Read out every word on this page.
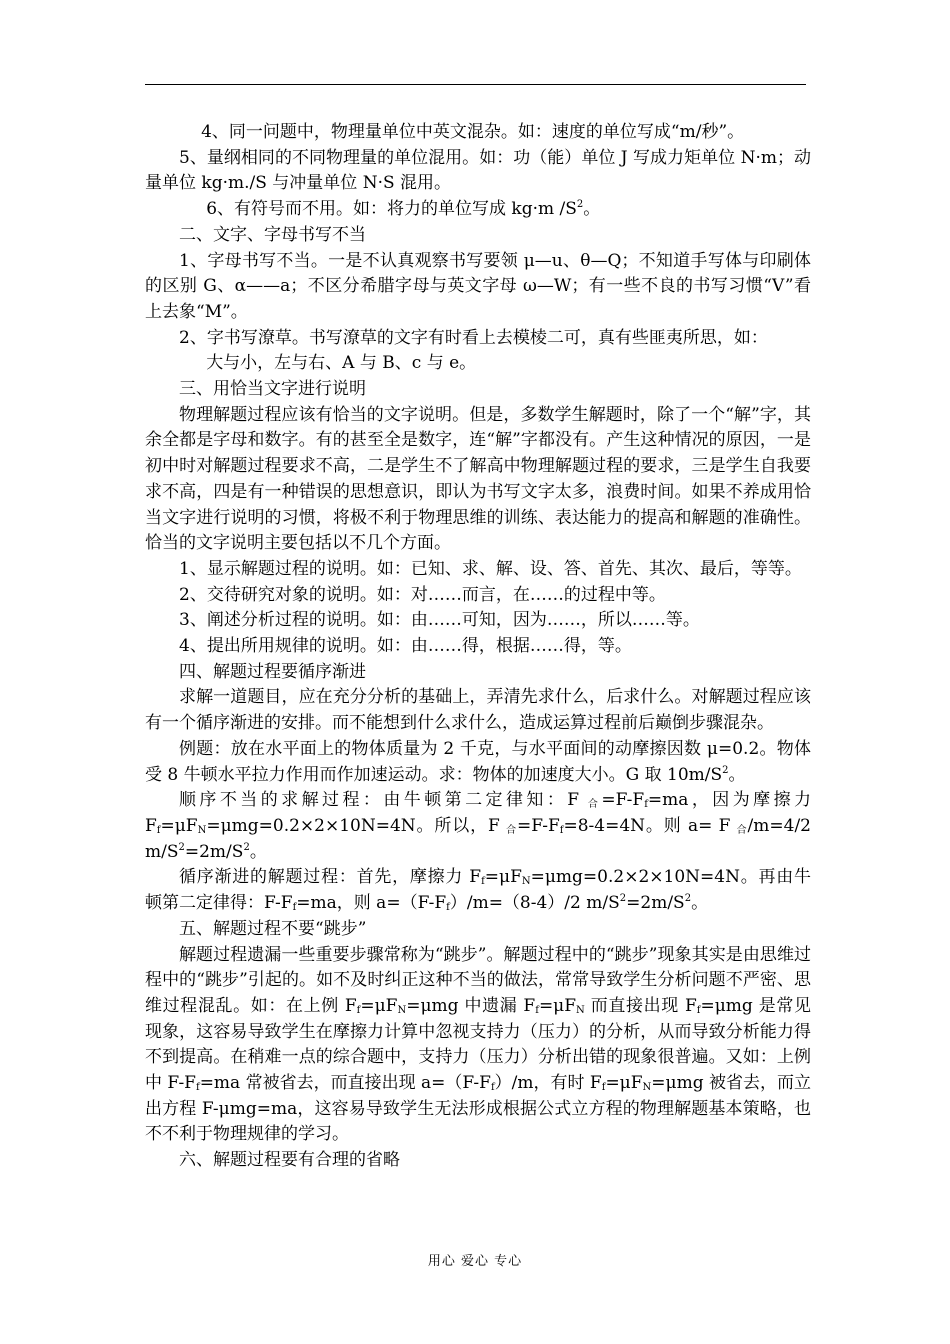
4、同一问题中，物理量单位中英文混杂。如：速度的单位写成“m/秒”。

5、量纲相同的不同物理量的单位混用。如：功（能）单位 J 写成力矩单位 N·m；动量单位 kg·m./S 与冲量单位 N·S 混用。

6、有符号而不用。如：将力的单位写成 kg·m $/S^2$。

二、文字、字母书写不当

1、字母书写不当。一是不认真观察书写要领 μ—u、θ—Q；不知道手写体与印刷体的区别 G、α——a；不区分希腊字母与英文字母 ω—W；有一些不良的书写习惯“V”看上去象“M”。

2、字书写潦草。书写潦草的文字有时看上去模棱二可，真有些匪夷所思，如：

大与小，左与右、A 与 B、c 与 e。

三、用恰当文字进行说明

物理解题过程应该有恰当的文字说明。但是，多数学生解题时，除了一个“解”字，其余全都是字母和数字。有的甚至全是数字，连“解”字都没有。产生这种情况的原因，一是初中时对解题过程要求不高，二是学生不了解高中物理解题过程的要求，三是学生自我要求不高，四是有一种错误的思想意识，即认为书写文字太多，浪费时间。如果不养成用恰当文字进行说明的习惯，将极不利于物理思维的训练、表达能力的提高和解题的准确性。恰当的文字说明主要包括以不几个方面。

1、显示解题过程的说明。如：已知、求、解、设、答、首先、其次、最后，等等。

2、交待研究对象的说明。如：对……而言，在……的过程中等。

3、阐述分析过程的说明。如：由……可知，因为……，所以……等。

4、提出所用规律的说明。如：由……得，根据……得，等。

四、解题过程要循序渐进

求解一道题目，应在充分分析的基础上，弄清先求什么，后求什么。对解题过程应该有一个循序渐进的安排。而不能想到什么求什么，造成运算过程前后巅倒步骤混杂。

例题：放在水平面上的物体质量为 2 千克，与水平面间的动摩擦因数 μ=0.2。物体受 8 牛顿水平拉力作用而作加速运动。求：物体的加速度大小。G 取 $10m/S^2$。

顺序不当的求解过程：由牛顿第二定律知：F $_合=F-F_f=ma$，因为摩擦力 $F_f=\mu F_N=\mu mg=0.2\times 2\times 10N=4N$。所以，F $_合=F-F_f=8-4=4N$。则 a= F $_合$/m=4/2 $m/S^2=2m/S^2$。

循序渐进的解题过程：首先，摩擦力 $F_f=\mu F_N=\mu mg=0.2\times 2\times 10N=4N$。再由牛顿第二定律得：$F-F_f=ma$，则 $a=(F-F_f)/m=(8-4)/2$ $m/S^2=2m/S^2$。

五、解题过程不要“跳步”

解题过程遗漏一些重要步骤常称为“跳步”。解题过程中的“跳步”现象其实是由思维过程中的“跳步”引起的。如不及时纠正这种不当的做法，常常导致学生分析问题不严密、思维过程混乱。如：在上例 $F_f=\mu F_N=\mu mg$ 中遗漏 $F_f=\mu F_N$ 而直接出现 $F_f=\mu mg$ 是常见现象，这容易导致学生在摩擦力计算中忽视支持力（压力）的分析，从而导致分析能力得不到提高。在稍难一点的综合题中，支持力（压力）分析出错的现象很普遍。又如：上例中 $F-F_f=ma$ 常被省去，而直接出现 $a=(F-F_f)/m$，有时 $F_f=\mu F_N=\mu mg$ 被省去，而立出方程 F-μmg=ma，这容易导致学生无法形成根据公式立方程的物理解题基本策略，也不不利于物理规律的学习。

六、解题过程要有合理的省略

用心 爱心 专心
